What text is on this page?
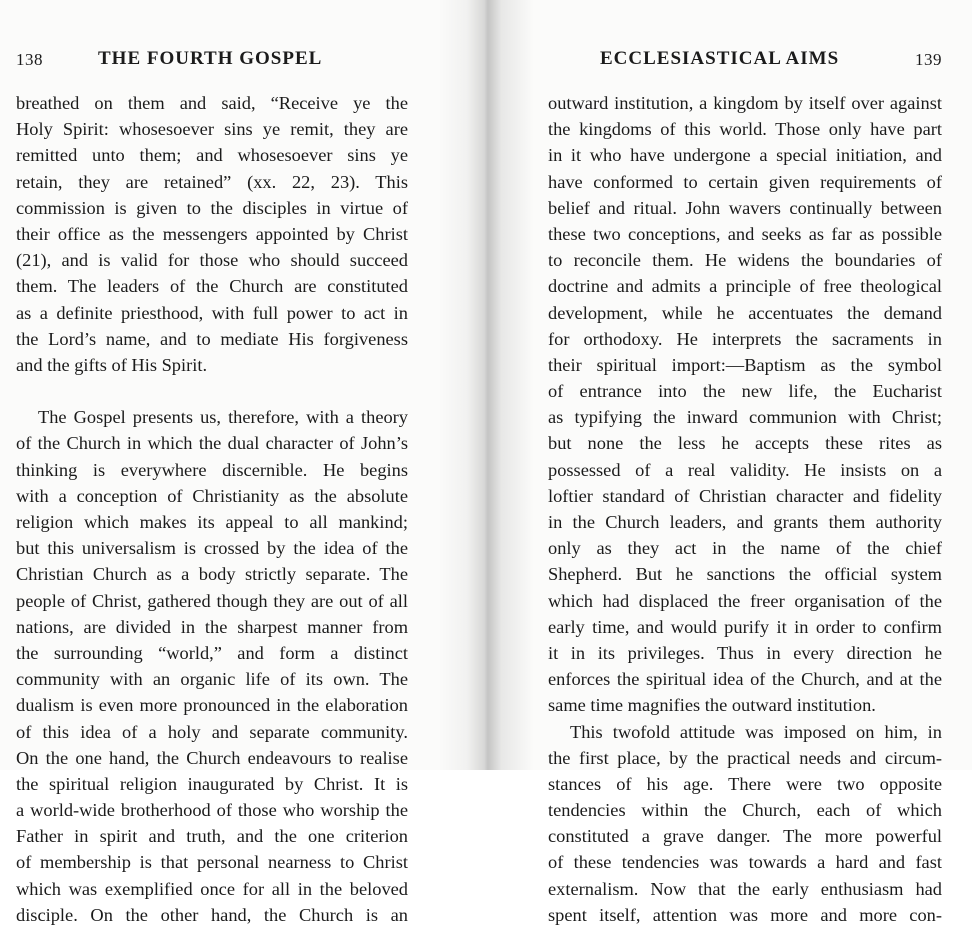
138	THE FOURTH GOSPEL
breathed on them and said, “Receive ye the
Holy Spirit: whosesoever sins ye remit, they are
remitted unto them; and whosesoever sins ye
retain, they are retained” (xx. 22, 23). This
commission is given to the disciples in virtue of
their office as the messengers appointed by Christ
(21), and is valid for those who should succeed
them. The leaders of the Church are constituted
as a definite priesthood, with full power to act in
the Lord’s name, and to mediate His forgiveness
and the gifts of His Spirit.
The Gospel presents us, therefore, with a theory
of the Church in which the dual character of John’s
thinking is everywhere discernible. He begins
with a conception of Christianity as the absolute
religion which makes its appeal to all mankind;
but this universalism is crossed by the idea of the
Christian Church as a body strictly separate. The
people of Christ, gathered though they are out of all
nations, are divided in the sharpest manner from
the surrounding “world,” and form a distinct
community with an organic life of its own. The
dualism is even more pronounced in the elaboration
of this idea of a holy and separate community.
On the one hand, the Church endeavours to realise
the spiritual religion inaugurated by Christ. It is
a world-wide brotherhood of those who worship the
Father in spirit and truth, and the one criterion
of membership is that personal nearness to Christ
which was exemplified once for all in the beloved
disciple. On the other hand, the Church is an
ECCLESIASTICAL AIMS	139
outward institution, a kingdom by itself over against
the kingdoms of this world. Those only have part
in it who have undergone a special initiation, and
have conformed to certain given requirements of
belief and ritual. John wavers continually between
these two conceptions, and seeks as far as possible
to reconcile them. He widens the boundaries of
doctrine and admits a principle of free theological
development, while he accentuates the demand
for orthodoxy. He interprets the sacraments in
their spiritual import:—Baptism as the symbol
of entrance into the new life, the Eucharist
as typifying the inward communion with Christ;
but none the less he accepts these rites as
possessed of a real validity. He insists on a
loftier standard of Christian character and fidelity
in the Church leaders, and grants them authority
only as they act in the name of the chief
Shepherd. But he sanctions the official system
which had displaced the freer organisation of the
early time, and would purify it in order to confirm
it in its privileges. Thus in every direction he
enforces the spiritual idea of the Church, and at the
same time magnifies the outward institution.
This twofold attitude was imposed on him, in
the first place, by the practical needs and circum-
stances of his age. There were two opposite
tendencies within the Church, each of which
constituted a grave danger. The more powerful
of these tendencies was towards a hard and fast
externalism. Now that the early enthusiasm had
spent itself, attention was more and more con-
